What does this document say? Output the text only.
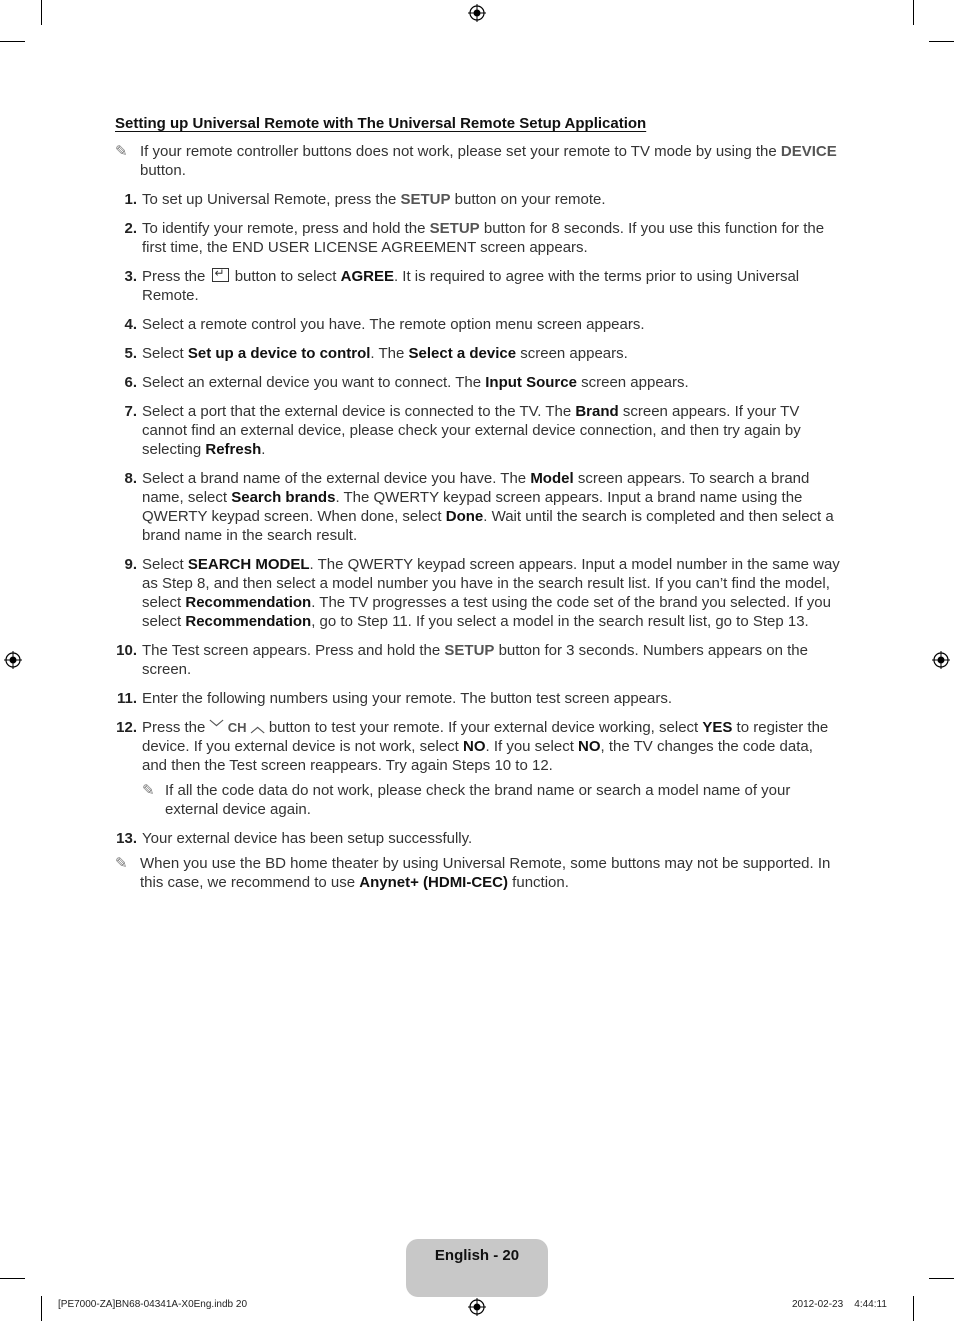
Setting up Universal Remote with The Universal Remote Setup Application
✎ If your remote controller buttons does not work, please set your remote to TV mode by using the DEVICE button.
1. To set up Universal Remote, press the SETUP button on your remote.
2. To identify your remote, press and hold the SETUP button for 8 seconds. If you use this function for the first time, the END USER LICENSE AGREEMENT screen appears.
3. Press the ↵ button to select AGREE. It is required to agree with the terms prior to using Universal Remote.
4. Select a remote control you have. The remote option menu screen appears.
5. Select Set up a device to control. The Select a device screen appears.
6. Select an external device you want to connect. The Input Source screen appears.
7. Select a port that the external device is connected to the TV. The Brand screen appears. If your TV cannot find an external device, please check your external device connection, and then try again by selecting Refresh.
8. Select a brand name of the external device you have. The Model screen appears. To search a brand name, select Search brands. The QWERTY keypad screen appears. Input a brand name using the QWERTY keypad screen. When done, select Done. Wait until the search is completed and then select a brand name in the search result.
9. Select SEARCH MODEL. The QWERTY keypad screen appears. Input a model number in the same way as Step 8, and then select a model number you have in the search result list. If you can’t find the model, select Recommendation. The TV progresses a test using the code set of the brand you selected. If you select Recommendation, go to Step 11. If you select a model in the search result list, go to Step 13.
10. The Test screen appears. Press and hold the SETUP button for 3 seconds. Numbers appears on the screen.
11. Enter the following numbers using your remote. The button test screen appears.
12. Press the ﹀ CH ︿ button to test your remote. If your external device working, select YES to register the device. If you external device is not work, select NO. If you select NO, the TV changes the code data, and then the Test screen reappears. Try again Steps 10 to 12.
✎ If all the code data do not work, please check the brand name or search a model name of your external device again.
13. Your external device has been setup successfully.
✎ When you use the BD home theater by using Universal Remote, some buttons may not be supported. In this case, we recommend to use Anynet+ (HDMI-CEC) function.
English - 20
[PE7000-ZA]BN68-04341A-X0Eng.indb 20	2012-02-23    4:44:11
